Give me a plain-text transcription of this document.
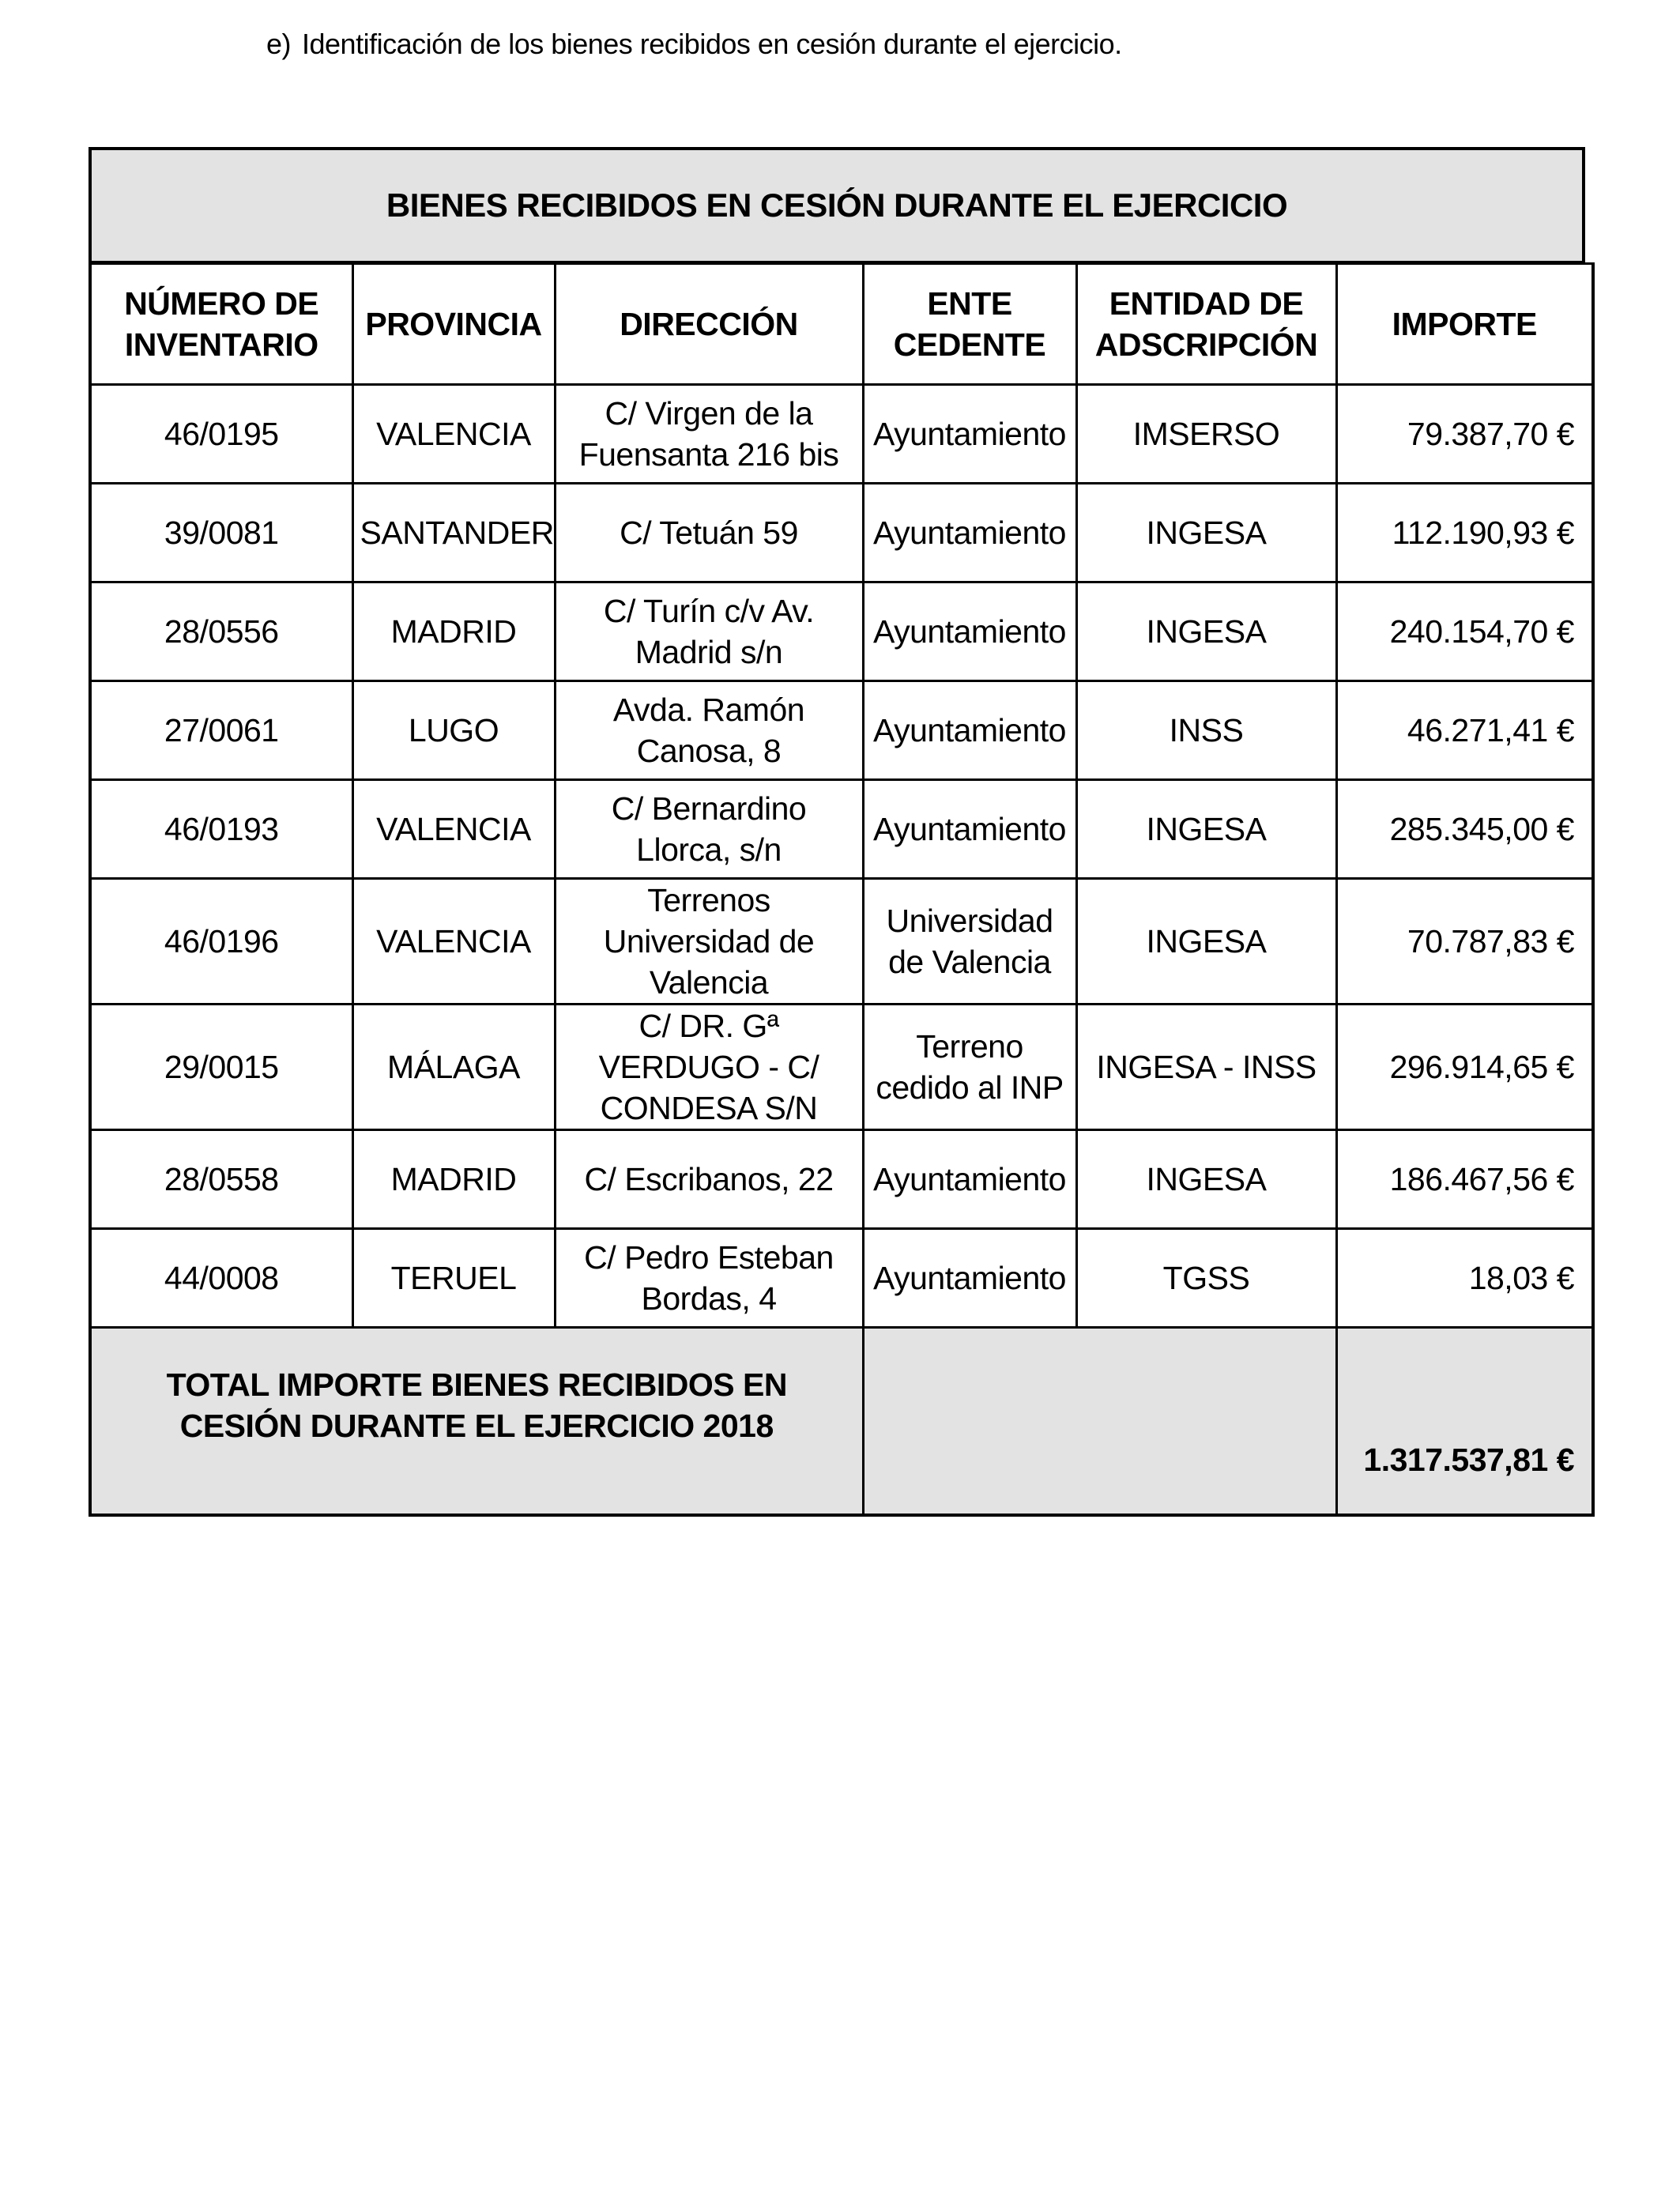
e) Identificación de los bienes recibidos en cesión durante el ejercicio.
BIENES RECIBIDOS EN CESIÓN DURANTE EL EJERCICIO
NÚMERO DE INVENTARIO	PROVINCIA	DIRECCIÓN	ENTE CEDENTE	ENTIDAD DE ADSCRIPCIÓN	IMPORTE
46/0195	VALENCIA	C/ Virgen de la Fuensanta 216 bis	Ayuntamiento	IMSERSO	79.387,70 €
39/0081	SANTANDER	C/ Tetuán 59	Ayuntamiento	INGESA	112.190,93 €
28/0556	MADRID	C/ Turín c/v Av. Madrid s/n	Ayuntamiento	INGESA	240.154,70 €
27/0061	LUGO	Avda. Ramón Canosa, 8	Ayuntamiento	INSS	46.271,41 €
46/0193	VALENCIA	C/ Bernardino Llorca, s/n	Ayuntamiento	INGESA	285.345,00 €
46/0196	VALENCIA	Terrenos Universidad de Valencia	Universidad de Valencia	INGESA	70.787,83 €
29/0015	MÁLAGA	C/ DR. Gª VERDUGO - C/ CONDESA S/N	Terreno cedido al INP	INGESA - INSS	296.914,65 €
28/0558	MADRID	C/ Escribanos, 22	Ayuntamiento	INGESA	186.467,56 €
44/0008	TERUEL	C/ Pedro Esteban Bordas, 4	Ayuntamiento	TGSS	18,03 €
TOTAL IMPORTE BIENES RECIBIDOS EN CESIÓN DURANTE EL EJERCICIO 2018					1.317.537,81 €
